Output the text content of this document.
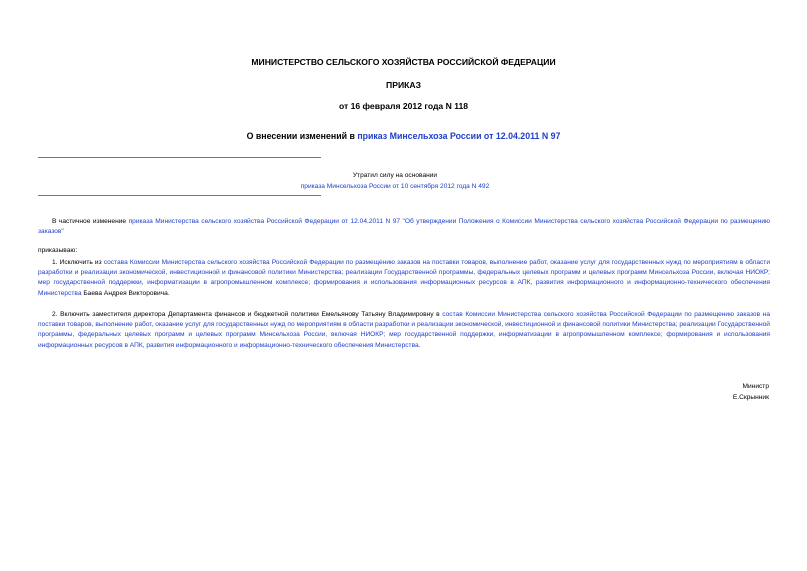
МИНИСТЕРСТВО СЕЛЬСКОГО ХОЗЯЙСТВА РОССИЙСКОЙ ФЕДЕРАЦИИ
ПРИКАЗ
от 16 февраля 2012 года N 118
О внесении изменений в приказ Минсельхоза России от 12.04.2011 N 97
Утратил силу на основании
приказа Минсельхоза России от 10 сентября 2012 года N 492
В частичное изменение приказа Министерства сельского хозяйства Российской Федерации от 12.04.2011 N 97 "Об утверждении Положения о Комиссии Министерства сельского хозяйства Российской Федерации по размещению заказов"
приказываю:
1. Исключить из состава Комиссии Министерства сельского хозяйства Российской Федерации по размещению заказов на поставки товаров, выполнение работ, оказание услуг для государственных нужд по мероприятиям в области разработки и реализации экономической, инвестиционной и финансовой политики Министерства; реализации Государственной программы, федеральных целевых программ и целевых программ Минсельхоза России, включая НИОКР; мер государственной поддержки, информатизации в агропромышленном комплексе; формирования и использования информационных ресурсов в АПК, развития информационного и информационно-технического обеспечения Министерства Баева Андрея Викторовича.
2. Включить заместителя директора Департамента финансов и бюджетной политики Емельянову Татьяну Владимировну в состав Комиссии Министерства сельского хозяйства Российской Федерации по размещению заказов на поставки товаров, выполнение работ, оказание услуг для государственных нужд по мероприятиям в области разработки и реализации экономической, инвестиционной и финансовой политики Министерства; реализации Государственной программы, федеральных целевых программ и целевых программ Минсельхоза России, включая НИОКР; мер государственной поддержки, информатизации в агропромышленном комплексе; формирования и использования информационных ресурсов в АПК, развития информационного и информационно-технического обеспечения Министерства.
Министр
Е.Скрынник
